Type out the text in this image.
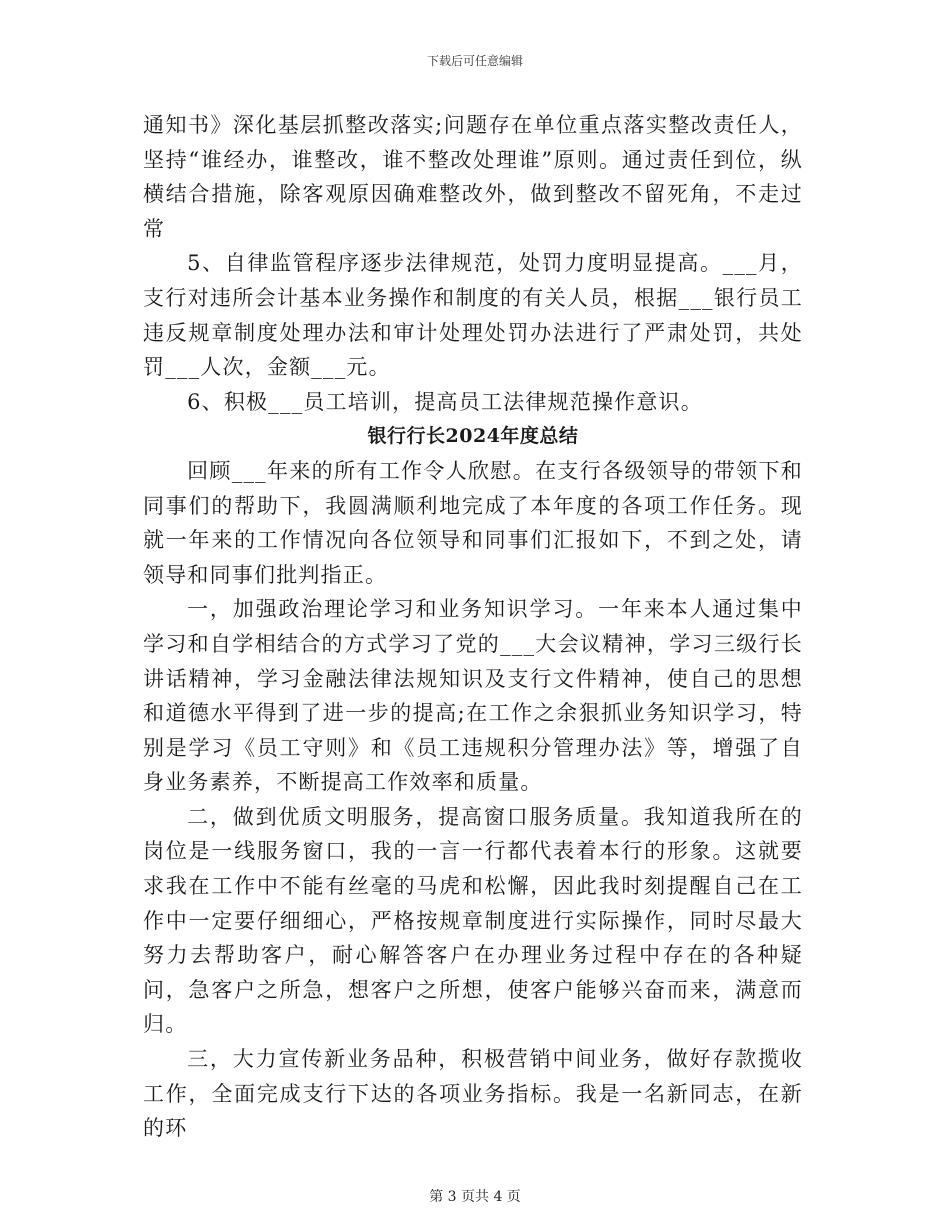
下载后可任意编辑

通知书》深化基层抓整改落实;问题存在单位重点落实整改责任人，坚持“谁经办，谁整改，谁不整改处理谁”原则。通过责任到位，纵横结合措施，除客观原因确难整改外，做到整改不留死角，不走过常

5、自律监管程序逐步法律规范，处罚力度明显提高。___月，支行对违所会计基本业务操作和制度的有关人员，根据___银行员工违反规章制度处理办法和审计处理处罚办法进行了严肃处罚，共处罚___人次，金额___元。

6、积极___员工培训，提高员工法律规范操作意识。

银行行长2024年度总结

回顾___年来的所有工作令人欣慰。在支行各级领导的带领下和同事们的帮助下，我圆满顺利地完成了本年度的各项工作任务。现就一年来的工作情况向各位领导和同事们汇报如下，不到之处，请领导和同事们批判指正。

一，加强政治理论学习和业务知识学习。一年来本人通过集中学习和自学相结合的方式学习了党的___大会议精神，学习三级行长讲话精神，学习金融法律法规知识及支行文件精神，使自己的思想和道德水平得到了进一步的提高;在工作之余狠抓业务知识学习，特别是学习《员工守则》和《员工违规积分管理办法》等，增强了自身业务素养，不断提高工作效率和质量。

二，做到优质文明服务，提高窗口服务质量。我知道我所在的岗位是一线服务窗口，我的一言一行都代表着本行的形象。这就要求我在工作中不能有丝毫的马虎和松懈，因此我时刻提醒自己在工作中一定要仔细细心，严格按规章制度进行实际操作，同时尽最大努力去帮助客户，耐心解答客户在办理业务过程中存在的各种疑问，急客户之所急，想客户之所想，使客户能够兴奋而来，满意而归。

三，大力宣传新业务品种，积极营销中间业务，做好存款揽收工作，全面完成支行下达的各项业务指标。我是一名新同志，在新的环

第 3 页共 4 页
